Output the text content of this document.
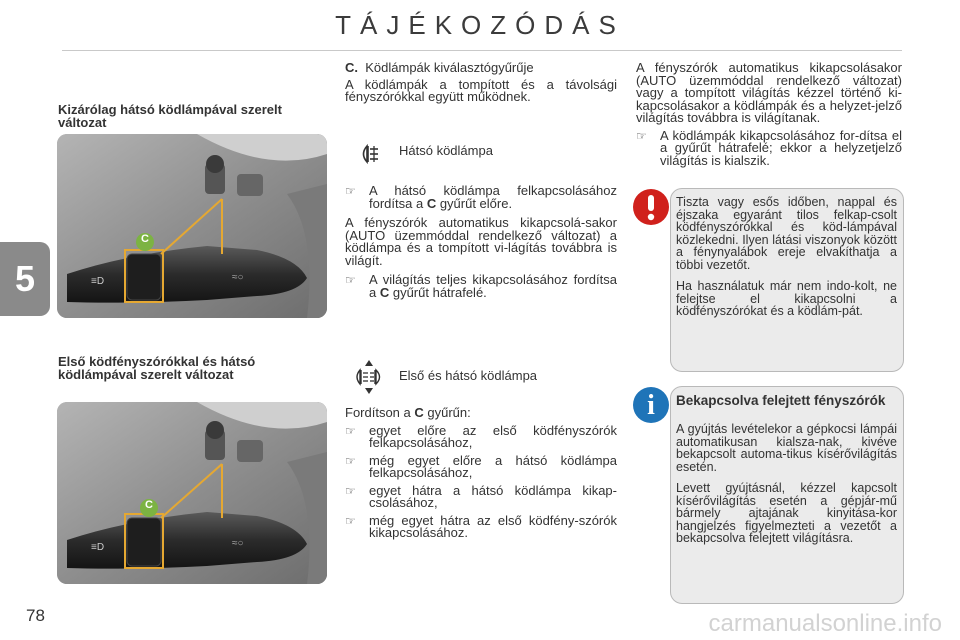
TÁJÉKOZÓDÁS
5
Kizárólag hátsó ködlámpával szerelt változat
≡D	≈○
C
Első ködfényszórókkal és hátsó ködlámpával szerelt változat
≡D	≈○
C

C. Ködlámpák kiválasztógyűrűje

A ködlámpák a tompított és a távolsági fényszórókkal együtt működnek.

Hátsó ködlámpa
☞ A hátsó ködlámpa felkapcsolásához fordítsa a C gyűrűt előre.

A fényszórók automatikus kikapcsolá-sakor (AUTO üzemmóddal rendelkező változat) a ködlámpa és a tompított vi-lágítás továbbra is világít.

☞ A világítás teljes kikapcsolásához fordítsa a C gyűrűt hátrafelé.
Első és hátsó ködlámpa

Fordítson a C gyűrűn:

☞ egyet előre az első ködfényszórók felkapcsolásához,
☞ még egyet előre a hátsó ködlámpa felkapcsolásához,
☞ egyet hátra a hátsó ködlámpa kikap-csolásához,
☞ még egyet hátra az első ködfény-szórók kikapcsolásához.

A fényszórók automatikus kikapcsolásakor (AUTO üzemmóddal rendelkező változat) vagy a tompított világítás kézzel történő ki-kapcsolásakor a ködlámpák és a helyzet-jelző világítás továbbra is világítanak.

☞ A ködlámpák kikapcsolásához for-dítsa el a gyűrűt hátrafelé; ekkor a helyzetjelző világítás is kialszik.

Tiszta vagy esős időben, nappal és éjszaka egyaránt tilos felkap-csolt ködfényszórókkal és köd-lámpával közlekedni. Ilyen látási viszonyok között a fénynyalábok ereje elvakíthatja a többi vezetőt.

Ha használatuk már nem indo-kolt, ne felejtse el kikapcsolni a ködfényszórókat és a ködlám-pát.

i	Bekapcsolva felejtett fényszórók

A gyújtás levételekor a gépkocsi lámpái automatikusan kialsza-nak, kivéve bekapcsolt automa-tikus kísérővilágítás esetén.

Levett gyújtásnál, kézzel kapcsolt kísérővilágítás esetén a gépjár-mű bármely ajtajának kinyitása-kor hangjelzés figyelmezteti a vezetőt a bekapcsolva felejtett világításra.

78	carmanualsonline.info
